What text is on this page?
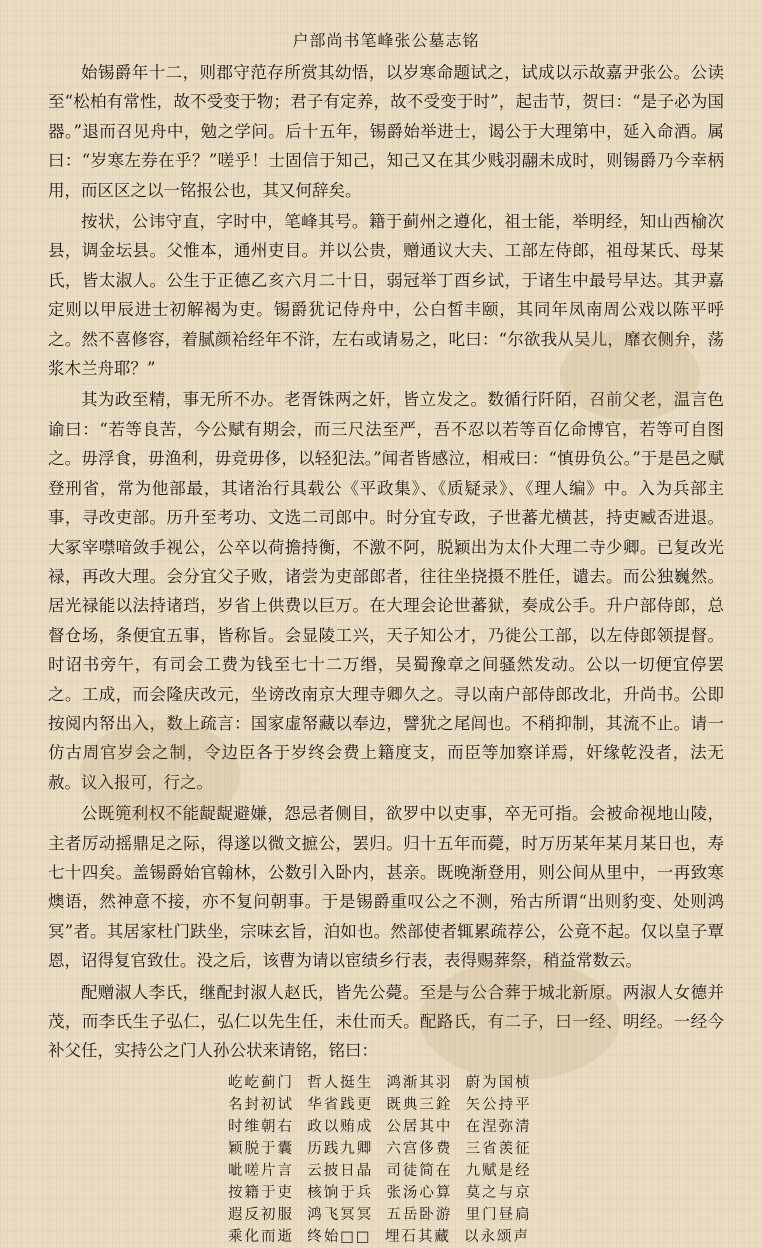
户部尚书笔峰张公墓志铭

始锡爵年十二，则郡守范存所赏其幼悟，以岁寒命题试之，试成以示故嘉尹张公。公读至“松柏有常性，故不受变于物；君子有定养，故不受变于时”，起击节，贺曰：“是子必为国器。”退而召见舟中，勉之学问。后十五年，锡爵始举进士，谒公于大理第中，延入命酒。属曰：“岁寒左券在乎？”嗟乎！士固信于知己，知己又在其少贱羽翮未成时，则锡爵乃今幸柄用，而区区之以一铭报公也，其又何辞矣。

按状，公讳守直，字时中，笔峰其号。籍于蓟州之遵化，祖士能，举明经，知山西榆次县，调金坛县。父惟本，通州吏目。并以公贵，赠通议大夫、工部左侍郎，祖母某氏、母某氏，皆太淑人。公生于正德乙亥六月二十日，弱冠举丁酉乡试，于诸生中最号早达。其尹嘉定则以甲辰进士初解褐为吏。锡爵犹记侍舟中，公白皙丰颐，其同年凤南周公戏以陈平呼之。然不喜修容，着腻颜袷经年不浒，左右或请易之，叱曰：“尔欲我从吴儿，靡衣侧弁，荡浆木兰舟耶？”

其为政至精，事无所不办。老胥铢两之奸，皆立发之。数循行阡陌，召前父老，温言色谕曰：“若等良苦，今公赋有期会，而三尺法至严，吾不忍以若等百亿命博官，若等可自图之。毋浮食，毋渔利，毋竞毋侈，以轻犯法。”闻者皆感泣，相戒曰：“慎毋负公。”于是邑之赋登刑省，常为他部最，其诸治行具载公《平政集》、《质疑录》、《理人编》中。入为兵部主事，寻改吏部。历升至考功、文选二司郎中。时分宜专政，子世蕃尤横甚，持吏臧否进退。大冢宰噤喑敛手视公，公卒以荷擔持衡，不激不阿，脱颖出为太仆大理二寺少卿。已复改光禄，再改大理。会分宜父子败，诸尝为吏部郎者，往往坐挠摄不胜任，谴去。而公独巍然。居光禄能以法持诸珰，岁省上供费以巨万。在大理会论世蕃狱，奏成公手。升户部侍郎，总督仓场，条便宜五事，皆称旨。会显陵工兴，天子知公才，乃徙公工部，以左侍郎领提督。时诏书旁午，有司会工费为钱至七十二万缗，吴蜀豫章之间骚然发动。公以一切便宜停罢之。工成，而会隆庆改元，坐谤改南京大理寺卿久之。寻以南户部侍郎改北，升尚书。公即按阅内帑出入，数上疏言：国家虚帑藏以奉边，譬犹之尾闾也。不稍抑制，其流不止。请一仿古周官岁会之制，令边臣各于岁终会费上籍度支，而臣等加察详焉，奸缘乾没者，法无赦。议入报可，行之。

公既篼利权不能龊龊避嫌，怨忌者侧目，欲罗中以吏事，卒无可指。会被命视地山陵，主者厉动摇鼎足之际，得遂以微文摭公，罢归。归十五年而薨，时万历某年某月某日也，寿七十四矣。盖锡爵始官翰林，公数引入卧内，甚亲。既晚渐登用，则公间从里中，一再致寒燠语，然神意不接，亦不复问朝事。于是锡爵重叹公之不测，殆古所谓“出则豹变、处则鸿冥”者。其居家杜门趺坐，宗味玄旨，泊如也。然部使者辄累疏荐公，公竟不起。仅以皇子覃恩，诏得复官致仕。没之后，该曹为请以宦绩乡行表，表得赐葬祭，稍益常数云。

配赠淑人李氏，继配封淑人赵氏，皆先公薨。至是与公合葬于城北新原。两淑人女德并茂，而李氏生子弘仁，弘仁以先生任，未仕而夭。配路氏，有二子，曰一经、明经。一经今补父任，实持公之门人孙公状来请铭，铭曰：

屹屹蓟门  哲人挺生  鸿渐其羽  蔚为国桢
名封初试  华省践更  既典三銓  矢公持平
时维朝右  政以贿成  公居其中  在涅弥清
颖脱于囊  历践九卿  六宫侈费  三省羡征
呲嗟片言  云披日晶  司徒简在  九赋是经
按籍于吏  核饷于兵  张汤心算  莫之与京
遐反初服  鸿飞冥冥  五岳卧游  里门昼扃
乘化而逝  终始□□  埋石其藏  以永颂声
